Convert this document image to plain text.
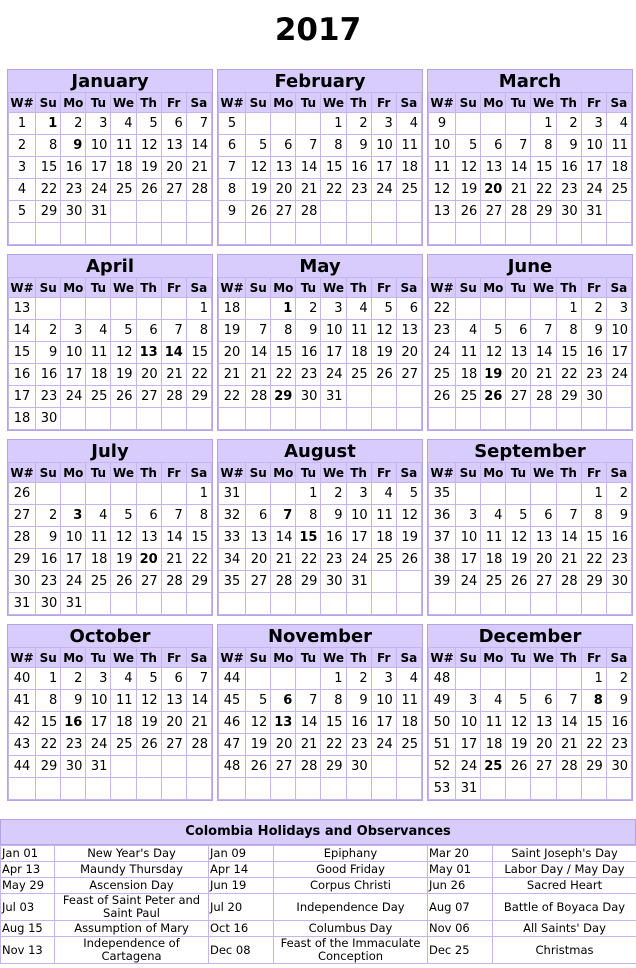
2017
January
W#	Su	Mo	Tu	We	Th	Fr	Sa
1	1	2	3	4	5	6	7
2	8	9	10	11	12	13	14
3	15	16	17	18	19	20	21
4	22	23	24	25	26	27	28
5	29	30	31				

February
W#	Su	Mo	Tu	We	Th	Fr	Sa
5				1	2	3	4
6	5	6	7	8	9	10	11
7	12	13	14	15	16	17	18
8	19	20	21	22	23	24	25
9	26	27	28				

March
W#	Su	Mo	Tu	We	Th	Fr	Sa
9				1	2	3	4
10	5	6	7	8	9	10	11
11	12	13	14	15	16	17	18
12	19	20	21	22	23	24	25
13	26	27	28	29	30	31	

April
W#	Su	Mo	Tu	We	Th	Fr	Sa
13							1
14	2	3	4	5	6	7	8
15	9	10	11	12	13	14	15
16	16	17	18	19	20	21	22
17	23	24	25	26	27	28	29
18	30						
May
W#	Su	Mo	Tu	We	Th	Fr	Sa
18		1	2	3	4	5	6
19	7	8	9	10	11	12	13
20	14	15	16	17	18	19	20
21	21	22	23	24	25	26	27
22	28	29	30	31			

June
W#	Su	Mo	Tu	We	Th	Fr	Sa
22					1	2	3
23	4	5	6	7	8	9	10
24	11	12	13	14	15	16	17
25	18	19	20	21	22	23	24
26	25	26	27	28	29	30	

July
W#	Su	Mo	Tu	We	Th	Fr	Sa
26							1
27	2	3	4	5	6	7	8
28	9	10	11	12	13	14	15
29	16	17	18	19	20	21	22
30	23	24	25	26	27	28	29
31	30	31					
August
W#	Su	Mo	Tu	We	Th	Fr	Sa
31			1	2	3	4	5
32	6	7	8	9	10	11	12
33	13	14	15	16	17	18	19
34	20	21	22	23	24	25	26
35	27	28	29	30	31		

September
W#	Su	Mo	Tu	We	Th	Fr	Sa
35						1	2
36	3	4	5	6	7	8	9
37	10	11	12	13	14	15	16
38	17	18	19	20	21	22	23
39	24	25	26	27	28	29	30

October
W#	Su	Mo	Tu	We	Th	Fr	Sa
40	1	2	3	4	5	6	7
41	8	9	10	11	12	13	14
42	15	16	17	18	19	20	21
43	22	23	24	25	26	27	28
44	29	30	31				

November
W#	Su	Mo	Tu	We	Th	Fr	Sa
44				1	2	3	4
45	5	6	7	8	9	10	11
46	12	13	14	15	16	17	18
47	19	20	21	22	23	24	25
48	26	27	28	29	30		

December
W#	Su	Mo	Tu	We	Th	Fr	Sa
48						1	2
49	3	4	5	6	7	8	9
50	10	11	12	13	14	15	16
51	17	18	19	20	21	22	23
52	24	25	26	27	28	29	30
53	31						
Colombia Holidays and Observances
Jan 01	New Year's Day	Jan 09	Epiphany	Mar 20	Saint Joseph's Day
Apr 13	Maundy Thursday	Apr 14	Good Friday	May 01	Labor Day / May Day
May 29	Ascension Day	Jun 19	Corpus Christi	Jun 26	Sacred Heart
Jul 03	Feast of Saint Peter and Saint Paul	Jul 20	Independence Day	Aug 07	Battle of Boyaca Day
Aug 15	Assumption of Mary	Oct 16	Columbus Day	Nov 06	All Saints' Day
Nov 13	Independence of Cartagena	Dec 08	Feast of the Immaculate Conception	Dec 25	Christmas
